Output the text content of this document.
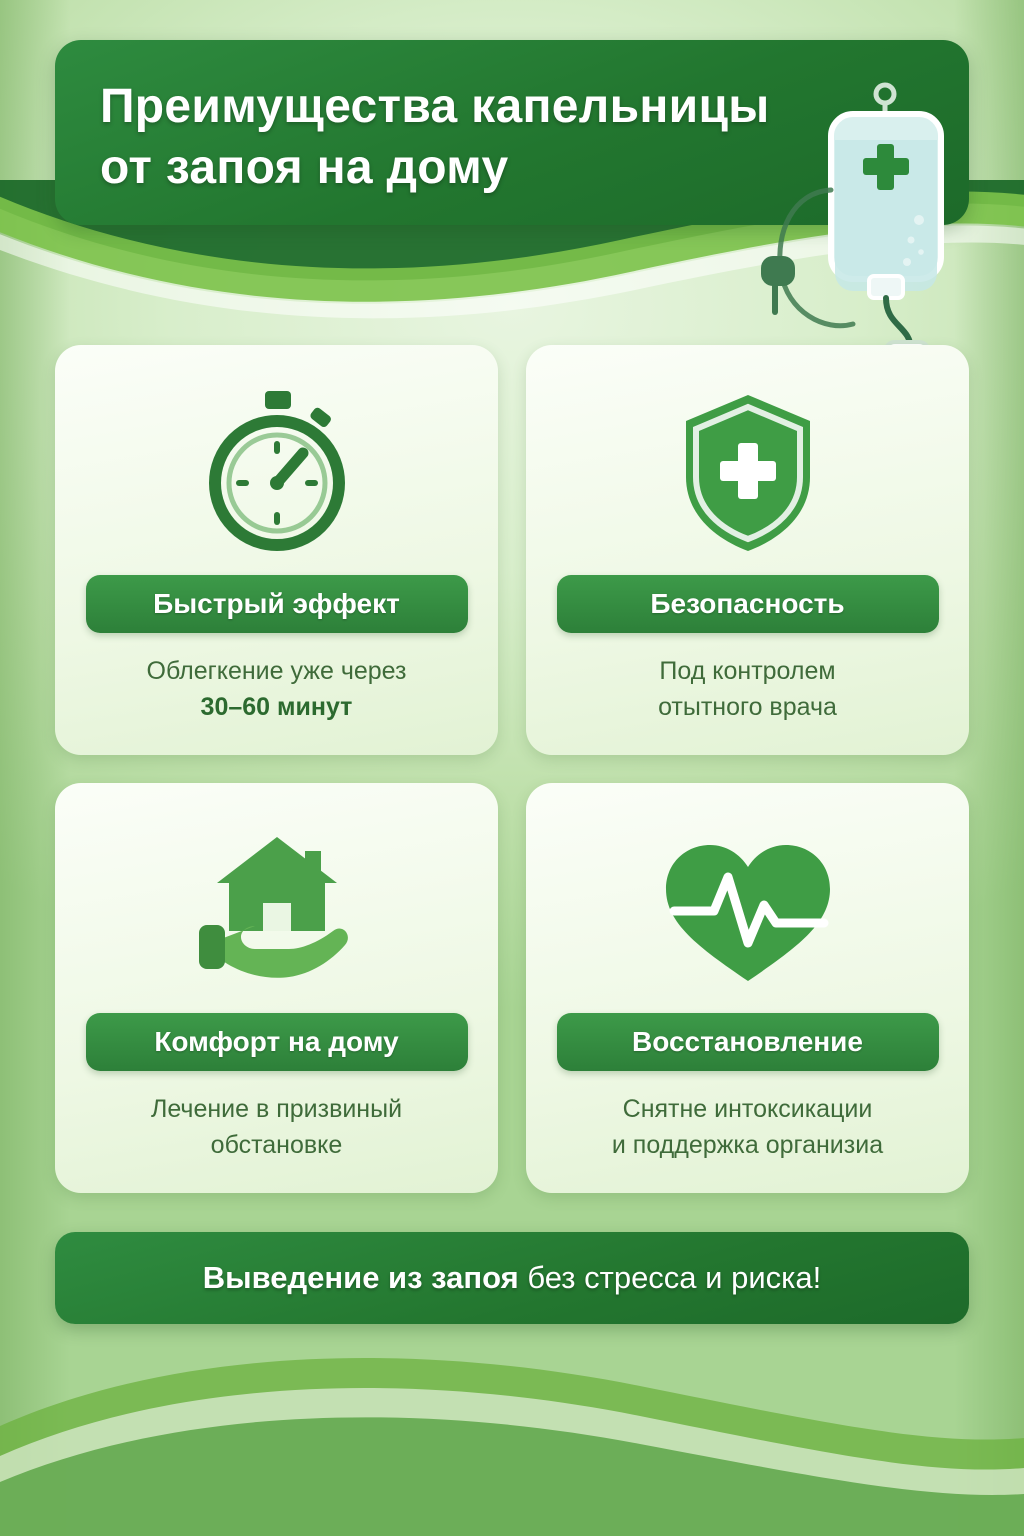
Преимущества капельницы
от запоя на дому
Быстрый эффект
Облегкение уже через
30–60 минут
Безопасность
Под контролем
отытного врача
Комфорт на дому
Лечение в призвиный
обстановке
Восстановление
Снятне интоксикации
и поддержка организиа
Выведение из запоя без стресса и риска!
